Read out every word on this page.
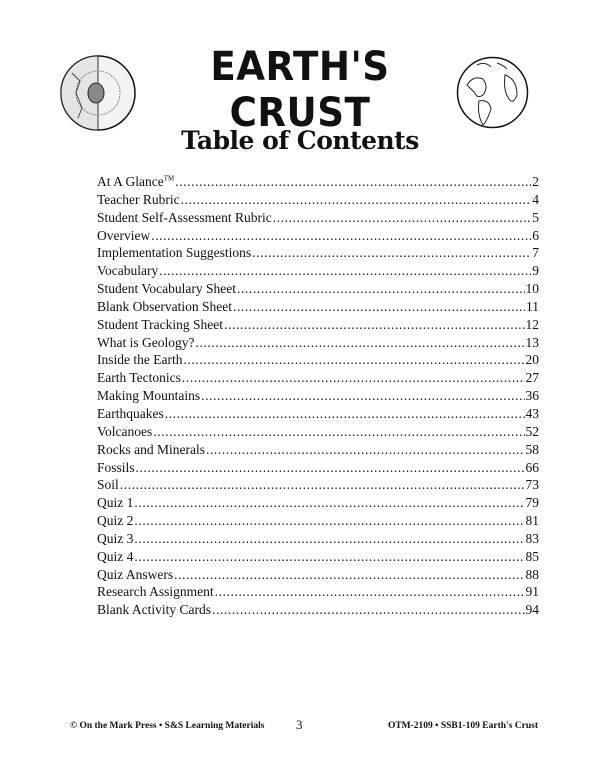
EARTH'S CRUST
Table of Contents
At A Glance™ .....	2
Teacher Rubric .....	4
Student Self-Assessment Rubric .....	5
Overview .....	6
Implementation Suggestions .....	7
Vocabulary .....	9
Student Vocabulary Sheet .....	10
Blank Observation Sheet .....	11
Student Tracking Sheet .....	12
What is Geology? .....	13
Inside the Earth .....	20
Earth Tectonics .....	27
Making Mountains .....	36
Earthquakes .....	43
Volcanoes .....	52
Rocks and Minerals .....	58
Fossils .....	66
Soil .....	73
Quiz 1 .....	79
Quiz 2 .....	81
Quiz 3 .....	83
Quiz 4 .....	85
Quiz Answers .....	88
Research Assignment .....	91
Blank Activity Cards .....	94
© On the Mark Press • S&S Learning Materials 3	OTM-2109 • SSB1-109 Earth's Crust
